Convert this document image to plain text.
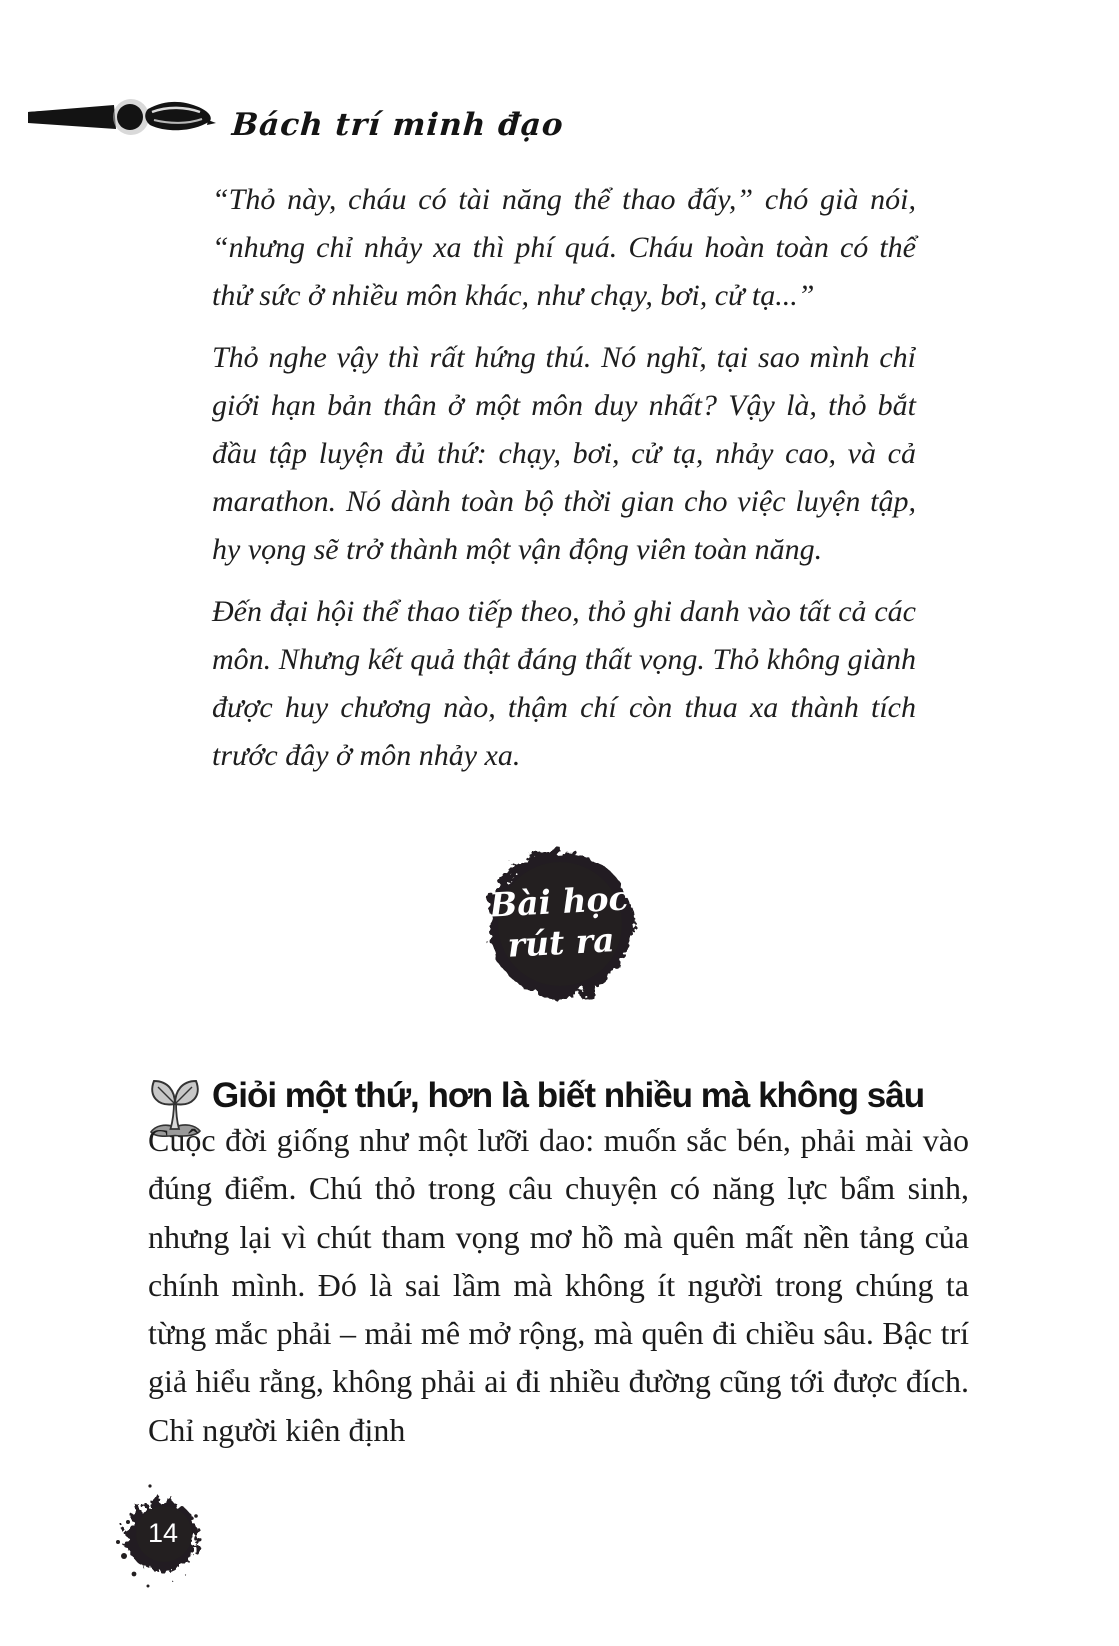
Bách trí minh đạo

“Thỏ này, cháu có tài năng thể thao đấy,” chó già nói, “nhưng chỉ nhảy xa thì phí quá. Cháu hoàn toàn có thể thử sức ở nhiều môn khác, như chạy, bơi, cử tạ...”

Thỏ nghe vậy thì rất hứng thú. Nó nghĩ, tại sao mình chỉ giới hạn bản thân ở một môn duy nhất? Vậy là, thỏ bắt đầu tập luyện đủ thứ: chạy, bơi, cử tạ, nhảy cao, và cả marathon. Nó dành toàn bộ thời gian cho việc luyện tập, hy vọng sẽ trở thành một vận động viên toàn năng.

Đến đại hội thể thao tiếp theo, thỏ ghi danh vào tất cả các môn. Nhưng kết quả thật đáng thất vọng. Thỏ không giành được huy chương nào, thậm chí còn thua xa thành tích trước đây ở môn nhảy xa.

Bài học
rút ra
Giỏi một thứ, hơn là biết nhiều mà không sâu
Cuộc đời giống như một lưỡi dao: muốn sắc bén, phải mài vào đúng điểm. Chú thỏ trong câu chuyện có năng lực bẩm sinh, nhưng lại vì chút tham vọng mơ hồ mà quên mất nền tảng của chính mình. Đó là sai lầm mà không ít người trong chúng ta từng mắc phải – mải mê mở rộng, mà quên đi chiều sâu. Bậc trí giả hiểu rằng, không phải ai đi nhiều đường cũng tới được đích. Chỉ người kiên định
14
